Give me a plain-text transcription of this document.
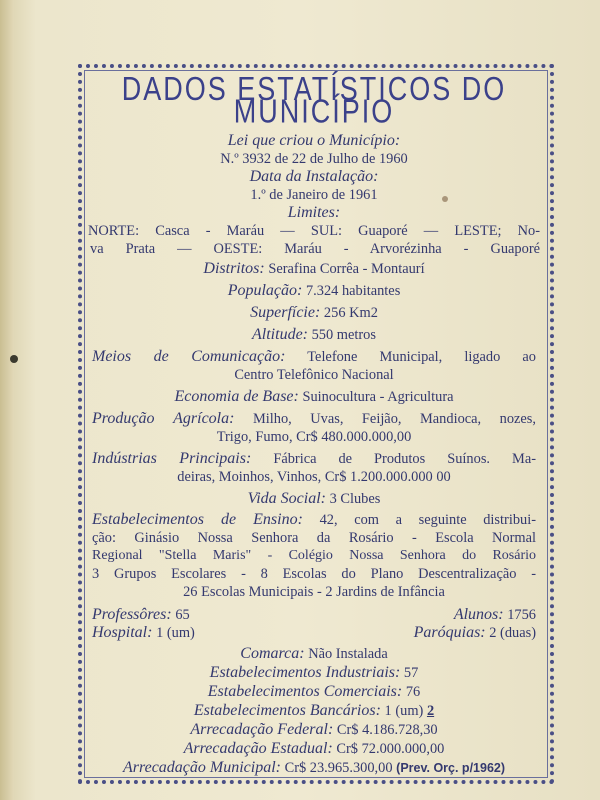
DADOS ESTATÍSTICOS DO MUNICÍPIO

Lei que criou o Município:

N.º 3932 de 22 de Julho de 1960

Data da Instalação:

1.º de Janeiro de 1961

Limites:

NORTE: Casca - Maráu — SUL: Guaporé — LESTE; No-

va Prata — OESTE: Maráu - Arvorézinha - Guaporé

Distritos: Serafina Corrêa - Montaurí

População: 7.324 habitantes

Superfície: 256 Km2

Altitude: 550 metros

Meios de Comunicação: Telefone Municipal, ligado ao

Centro Telefônico Nacional

Economia de Base: Suinocultura - Agricultura

Produção Agrícola: Milho, Uvas, Feijão, Mandioca, nozes,

Trigo, Fumo, Cr$ 480.000.000,00

Indústrias Principais: Fábrica de Produtos Suínos. Ma-

deiras, Moinhos, Vinhos, Cr$ 1.200.000.000 00

Vida Social: 3 Clubes

Estabelecimentos de Ensino: 42, com a seguinte distribui-

ção: Ginásio Nossa Senhora da Rosário - Escola Normal

Regional "Stella Maris" - Colégio Nossa Senhora do Rosário

3 Grupos Escolares - 8 Escolas do Plano Descentralização -

26 Escolas Municipais - 2 Jardins de Infância

Professôres: 65	Alunos: 1756
Hospital: 1 (um)	Paróquias: 2 (duas)

Comarca: Não Instalada

Estabelecimentos Industriais: 57

Estabelecimentos Comerciais: 76

Estabelecimentos Bancários: 1 (um) 2

Arrecadação Federal: Cr$ 4.186.728,30

Arrecadação Estadual: Cr$ 72.000.000,00

Arrecadação Municipal: Cr$ 23.965.300,00 (Prev. Orç. p/1962)
